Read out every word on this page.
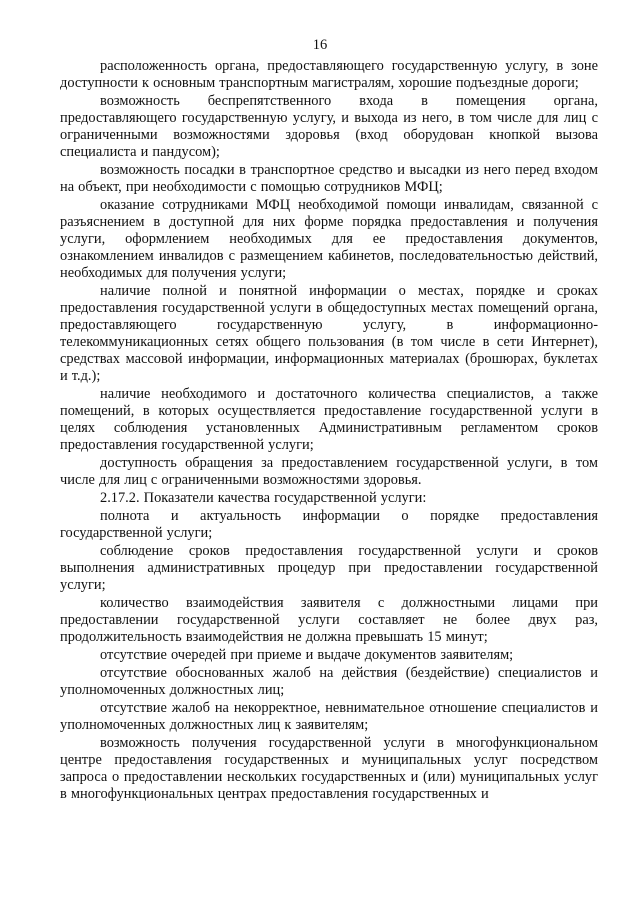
16

расположенность органа, предоставляющего государственную услугу, в зоне доступности к основным транспортным магистралям, хорошие подъездные дороги;

возможность беспрепятственного входа в помещения органа, предоставляющего государственную услугу, и выхода из него, в том числе для лиц с ограниченными возможностями здоровья (вход оборудован кнопкой вызова специалиста и пандусом);

возможность посадки в транспортное средство и высадки из него перед входом на объект, при необходимости с помощью сотрудников МФЦ;

оказание сотрудниками МФЦ необходимой помощи инвалидам, связанной с разъяснением в доступной для них форме порядка предоставления и получения услуги, оформлением необходимых для ее предоставления документов, ознакомлением инвалидов с размещением кабинетов, последовательностью действий, необходимых для получения услуги;

наличие полной и понятной информации о местах, порядке и сроках предоставления государственной услуги в общедоступных местах помещений органа, предоставляющего государственную услугу, в информационно-телекоммуникационных сетях общего пользования (в том числе в сети Интернет), средствах массовой информации, информационных материалах (брошюрах, буклетах и т.д.);

наличие необходимого и достаточного количества специалистов, а также помещений, в которых осуществляется предоставление государственной услуги в целях соблюдения установленных Административным регламентом сроков предоставления государственной услуги;

доступность обращения за предоставлением государственной услуги, в том числе для лиц с ограниченными возможностями здоровья.

2.17.2. Показатели качества государственной услуги:

полнота и актуальность информации о порядке предоставления государственной услуги;

соблюдение сроков предоставления государственной услуги и сроков выполнения административных процедур при предоставлении государственной услуги;

количество взаимодействия заявителя с должностными лицами при предоставлении государственной услуги составляет не более двух раз, продолжительность взаимодействия не должна превышать 15 минут;

отсутствие очередей при приеме и выдаче документов заявителям;

отсутствие обоснованных жалоб на действия (бездействие) специалистов и уполномоченных должностных лиц;

отсутствие жалоб на некорректное, невнимательное отношение специалистов и уполномоченных должностных лиц к заявителям;

возможность получения государственной услуги в многофункциональном центре предоставления государственных и муниципальных услуг посредством запроса о предоставлении нескольких государственных и (или) муниципальных услуг в многофункциональных центрах предоставления государственных и
